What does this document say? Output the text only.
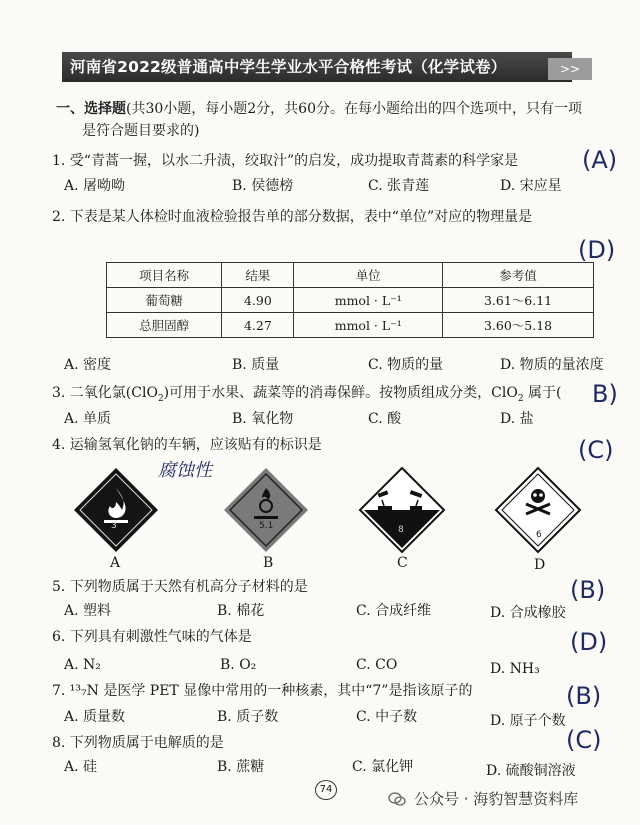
河南省2022级普通高中学生学业水平合格性考试（化学试卷）	>>
一、选择题(共30小题，每小题2分，共60分。在每小题给出的四个选项中，只有一项
是符合题目要求的)
1. 受“青蒿一握，以水二升渍，绞取汁”的启发，成功提取青蒿素的科学家是	(A)
A. 屠呦呦	B. 侯德榜	C. 张青莲	D. 宋应星
2. 下表是某人体检时血液检验报告单的部分数据，表中“单位”对应的物理量是
(D)
项目名称	结果	单位	参考值
葡萄糖	4.90	mmol · L⁻¹	3.61～6.11
总胆固醇	4.27	mmol · L⁻¹	3.60～5.18
A. 密度	B. 质量	C. 物质的量	D. 物质的量浓度
3. 二氧化氯(ClO$_2$)可用于水果、蔬菜等的消毒保鲜。按物质组成分类，ClO$_2$ 属于( B)
A. 单质	B. 氧化物	C. 酸	D. 盐
4. 运输氢氧化钠的车辆，应该贴有的标识是	(C)
腐蚀性
3	5.1	8	6
A	B	C	D
5. 下列物质属于天然有机高分子材料的是	(B)
A. 塑料	B. 棉花	C. 合成纤维	D. 合成橡胶
6. 下列具有刺激性气味的气体是	(D)
A. N₂	B. O₂	C. CO	D. NH₃
7. ¹³₇N 是医学 PET 显像中常用的一种核素，其中“7”是指该原子的	(B)
A. 质量数	B. 质子数	C. 中子数	D. 原子个数
8. 下列物质属于电解质的是	(C)
A. 硅	B. 蔗糖	C. 氯化钾	D. 硫酸铜溶液
74
公众号 · 海豹智慧资料库
